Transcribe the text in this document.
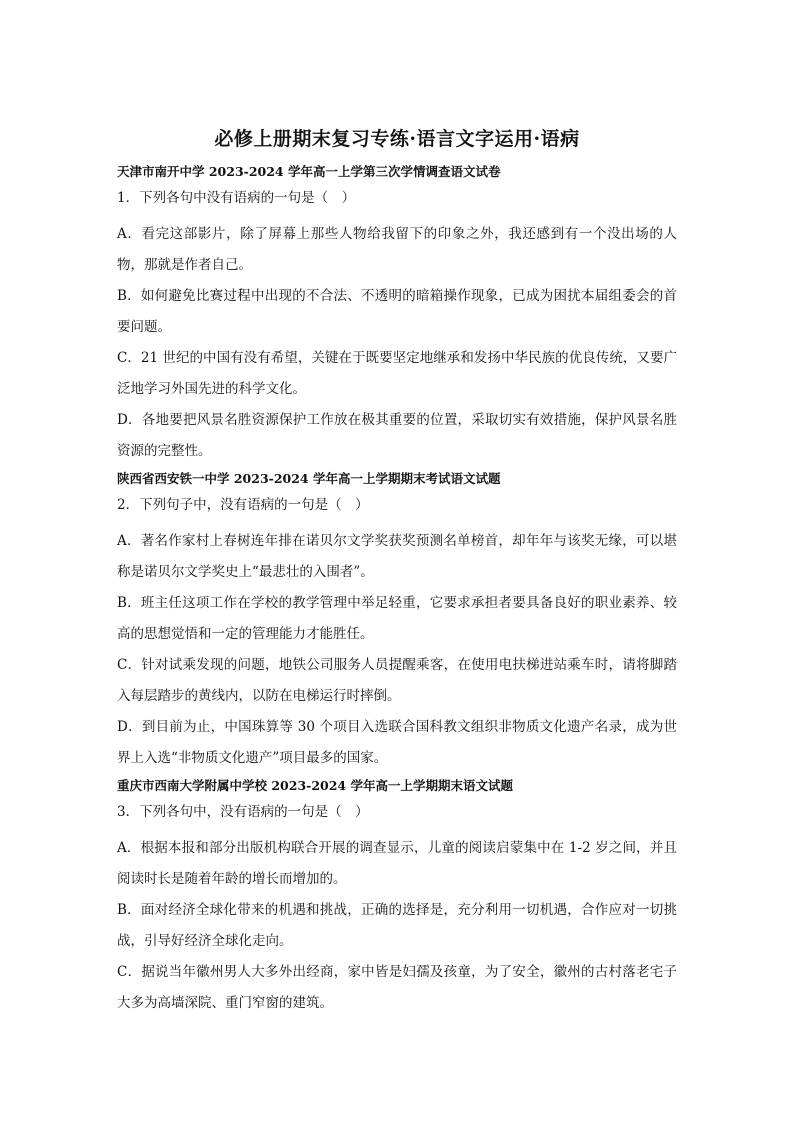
必修上册期末复习专练·语言文字运用·语病
天津市南开中学 2023-2024 学年高一上学第三次学情调查语文试卷
1．下列各句中没有语病的一句是（　）
A．看完这部影片，除了屏幕上那些人物给我留下的印象之外，我还感到有一个没出场的人物，那就是作者自己。
B．如何避免比赛过程中出现的不合法、不透明的暗箱操作现象，已成为困扰本届组委会的首要问题。
C．21 世纪的中国有没有希望，关键在于既要坚定地继承和发扬中华民族的优良传统，又要广泛地学习外国先进的科学文化。
D．各地要把风景名胜资源保护工作放在极其重要的位置，采取切实有效措施，保护风景名胜资源的完整性。
陕西省西安铁一中学 2023-2024 学年高一上学期期末考试语文试题
2．下列句子中，没有语病的一句是（　）
A．著名作家村上春树连年排在诺贝尔文学奖获奖预测名单榜首，却年年与该奖无缘，可以堪称是诺贝尔文学奖史上“最悲壮的入围者”。
B．班主任这项工作在学校的教学管理中举足轻重，它要求承担者要具备良好的职业素养、较高的思想觉悟和一定的管理能力才能胜任。
C．针对试乘发现的问题，地铁公司服务人员提醒乘客，在使用电扶梯进站乘车时，请将脚踏入每层踏步的黄线内，以防在电梯运行时摔倒。
D．到目前为止，中国珠算等 30 个项目入选联合国科教文组织非物质文化遗产名录，成为世界上入选“非物质文化遗产”项目最多的国家。
重庆市西南大学附属中学校 2023-2024 学年高一上学期期末语文试题
3．下列各句中，没有语病的一句是（　）
A．根据本报和部分出版机构联合开展的调查显示，儿童的阅读启蒙集中在 1-2 岁之间，并且阅读时长是随着年龄的增长而增加的。
B．面对经济全球化带来的机遇和挑战，正确的选择是，充分利用一切机遇，合作应对一切挑战，引导好经济全球化走向。
C．据说当年徽州男人大多外出经商，家中皆是妇孺及孩童，为了安全，徽州的古村落老宅子大多为高墙深院、重门窄窗的建筑。
